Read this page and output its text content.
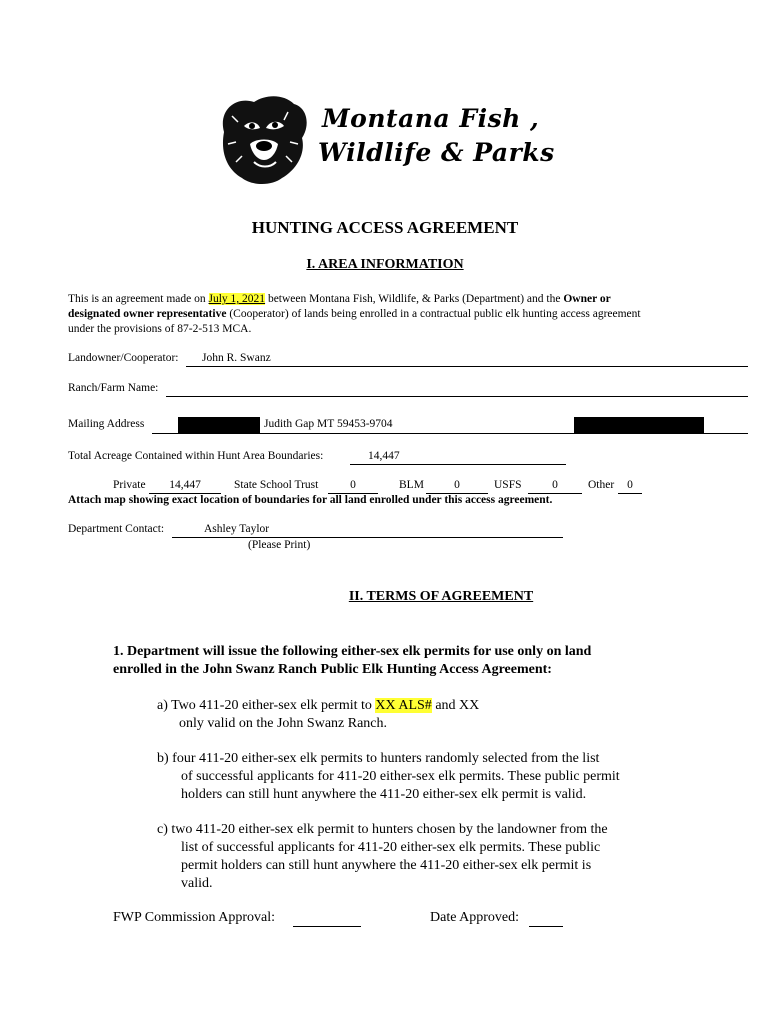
Montana Fish ,
Wildlife & Parks
HUNTING ACCESS AGREEMENT
I. AREA INFORMATION
This is an agreement made on July 1, 2021 between Montana Fish, Wildlife, & Parks (Department) and the Owner or
designated owner representative (Cooperator) of lands being enrolled in a contractual public elk hunting access agreement
under the provisions of 87-2-513 MCA.
Landowner/Cooperator:	John R. Swanz
Ranch/Farm Name:
Mailing Address	Judith Gap MT 59453-9704
Total Acreage Contained within Hunt Area Boundaries:	14,447
Private	14,447	State School Trust	0	BLM	0	USFS	0	Other	0
Attach map showing exact location of boundaries for all land enrolled under this access agreement.
Department Contact:	Ashley Taylor
(Please Print)
II. TERMS OF AGREEMENT
1. Department will issue the following either-sex elk permits for use only on land
enrolled in the John Swanz Ranch Public Elk Hunting Access Agreement:
a) Two 411-20 either-sex elk permit to XX ALS# and XX
only valid on the John Swanz Ranch.
b) four 411-20 either-sex elk permits to hunters randomly selected from the list
of successful applicants for 411-20 either-sex elk permits. These public permit
holders can still hunt anywhere the 411-20 either-sex elk permit is valid.
c) two 411-20 either-sex elk permit to hunters chosen by the landowner from the
list of successful applicants for 411-20 either-sex elk permits. These public
permit holders can still hunt anywhere the 411-20 either-sex elk permit is
valid.
FWP Commission Approval:	Date Approved:
